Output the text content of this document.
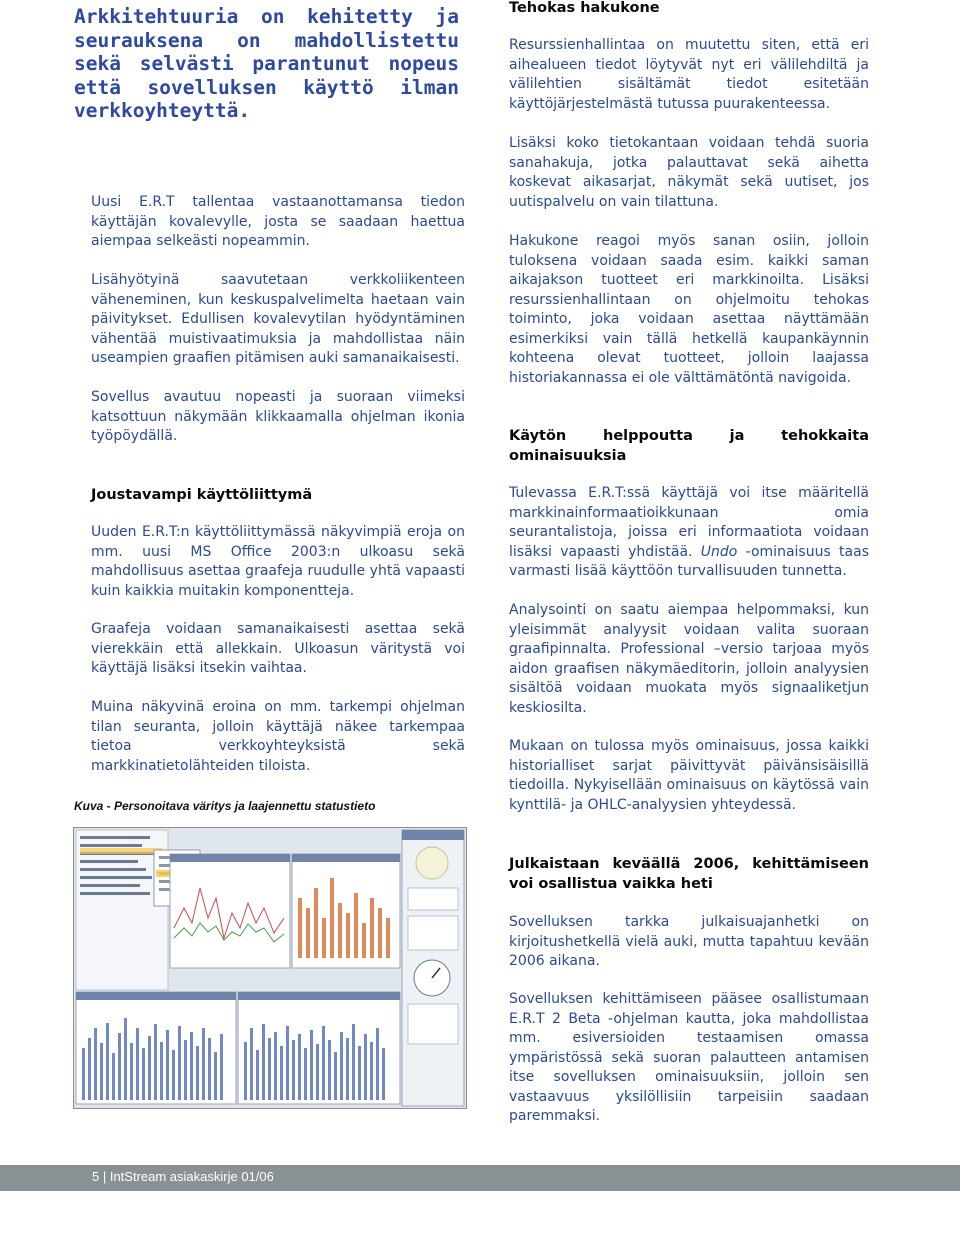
Arkkitehtuuria on kehitetty ja seurauksena on mahdollistettu sekä selvästi parantunut nopeus että sovelluksen käyttö ilman verkkoyhteyttä.

Uusi E.R.T tallentaa vastaanottamansa tiedon käyttäjän kovalevylle, josta se saadaan haettua aiempaa selkeästi nopeammin.

Lisähyötyinä saavutetaan verkkoliikenteen väheneminen, kun keskuspalvelimelta haetaan vain päivitykset. Edullisen kovalevytilan hyödyntäminen vähentää muistivaatimuksia ja mahdollistaa näin useampien graafien pitämisen auki samanaikaisesti.

Sovellus avautuu nopeasti ja suoraan viimeksi katsottuun näkymään klikkaamalla ohjelman ikonia työpöydällä.

Joustavampi käyttöliittymä

Uuden E.R.T:n käyttöliittymässä näkyvimpiä eroja on mm. uusi MS Office 2003:n ulkoasu sekä mahdollisuus asettaa graafeja ruudulle yhtä vapaasti kuin kaikkia muitakin komponentteja.

Graafeja voidaan samanaikaisesti asettaa sekä vierekkäin että allekkain. Ulkoasun väritystä voi käyttäjä lisäksi itsekin vaihtaa.

Muina näkyvinä eroina on mm. tarkempi ohjelman tilan seuranta, jolloin käyttäjä näkee tarkempaa tietoa verkkoyhteyksistä sekä markkinatietolähteiden tiloista.

Kuva - Personoitava väritys ja laajennettu statustieto
Tehokas hakukone

Resurssienhallintaa on muutettu siten, että eri aihealueen tiedot löytyvät nyt eri välilehdiltä ja välilehtien sisältämät tiedot esitetään käyttöjärjestelmästä tutussa puurakenteessa.

Lisäksi koko tietokantaan voidaan tehdä suoria sanahakuja, jotka palauttavat sekä aihetta koskevat aikasarjat, näkymät sekä uutiset, jos uutispalvelu on vain tilattuna.

Hakukone reagoi myös sanan osiin, jolloin tuloksena voidaan saada esim. kaikki saman aikajakson tuotteet eri markkinoilta. Lisäksi resurssienhallintaan on ohjelmoitu tehokas toiminto, joka voidaan asettaa näyttämään esimerkiksi vain tällä hetkellä kaupankäynnin kohteena olevat tuotteet, jolloin laajassa historiakannassa ei ole välttämätöntä navigoida.

Käytön helppoutta ja tehokkaita ominaisuuksia

Tulevassa E.R.T:ssä käyttäjä voi itse määritellä markkinainformaatioikkunaan omia seurantalistoja, joissa eri informaatiota voidaan lisäksi vapaasti yhdistää. Undo -ominaisuus taas varmasti lisää käyttöön turvallisuuden tunnetta.

Analysointi on saatu aiempaa helpommaksi, kun yleisimmät analyysit voidaan valita suoraan graafipinnalta. Professional –versio tarjoaa myös aidon graafisen näkymäeditorin, jolloin analyysien sisältöä voidaan muokata myös signaaliketjun keskiosilta.

Mukaan on tulossa myös ominaisuus, jossa kaikki historialliset sarjat päivittyvät päivänsisäisillä tiedoilla. Nykyisellään ominaisuus on käytössä vain kynttilä- ja OHLC-analyysien yhteydessä.

Julkaistaan keväällä 2006, kehittämiseen voi osallistua vaikka heti

Sovelluksen tarkka julkaisuajanhetki on kirjoitushetkellä vielä auki, mutta tapahtuu kevään 2006 aikana.

Sovelluksen kehittämiseen pääsee osallistumaan E.R.T 2 Beta -ohjelman kautta, joka mahdollistaa mm. esiversioiden testaamisen omassa ympäristössä sekä suoran palautteen antamisen itse sovelluksen ominaisuuksiin, jolloin sen vastaavuus yksilöllisiin tarpeisiin saadaan paremmaksi.

5 | IntStream asiakaskirje 01/06
